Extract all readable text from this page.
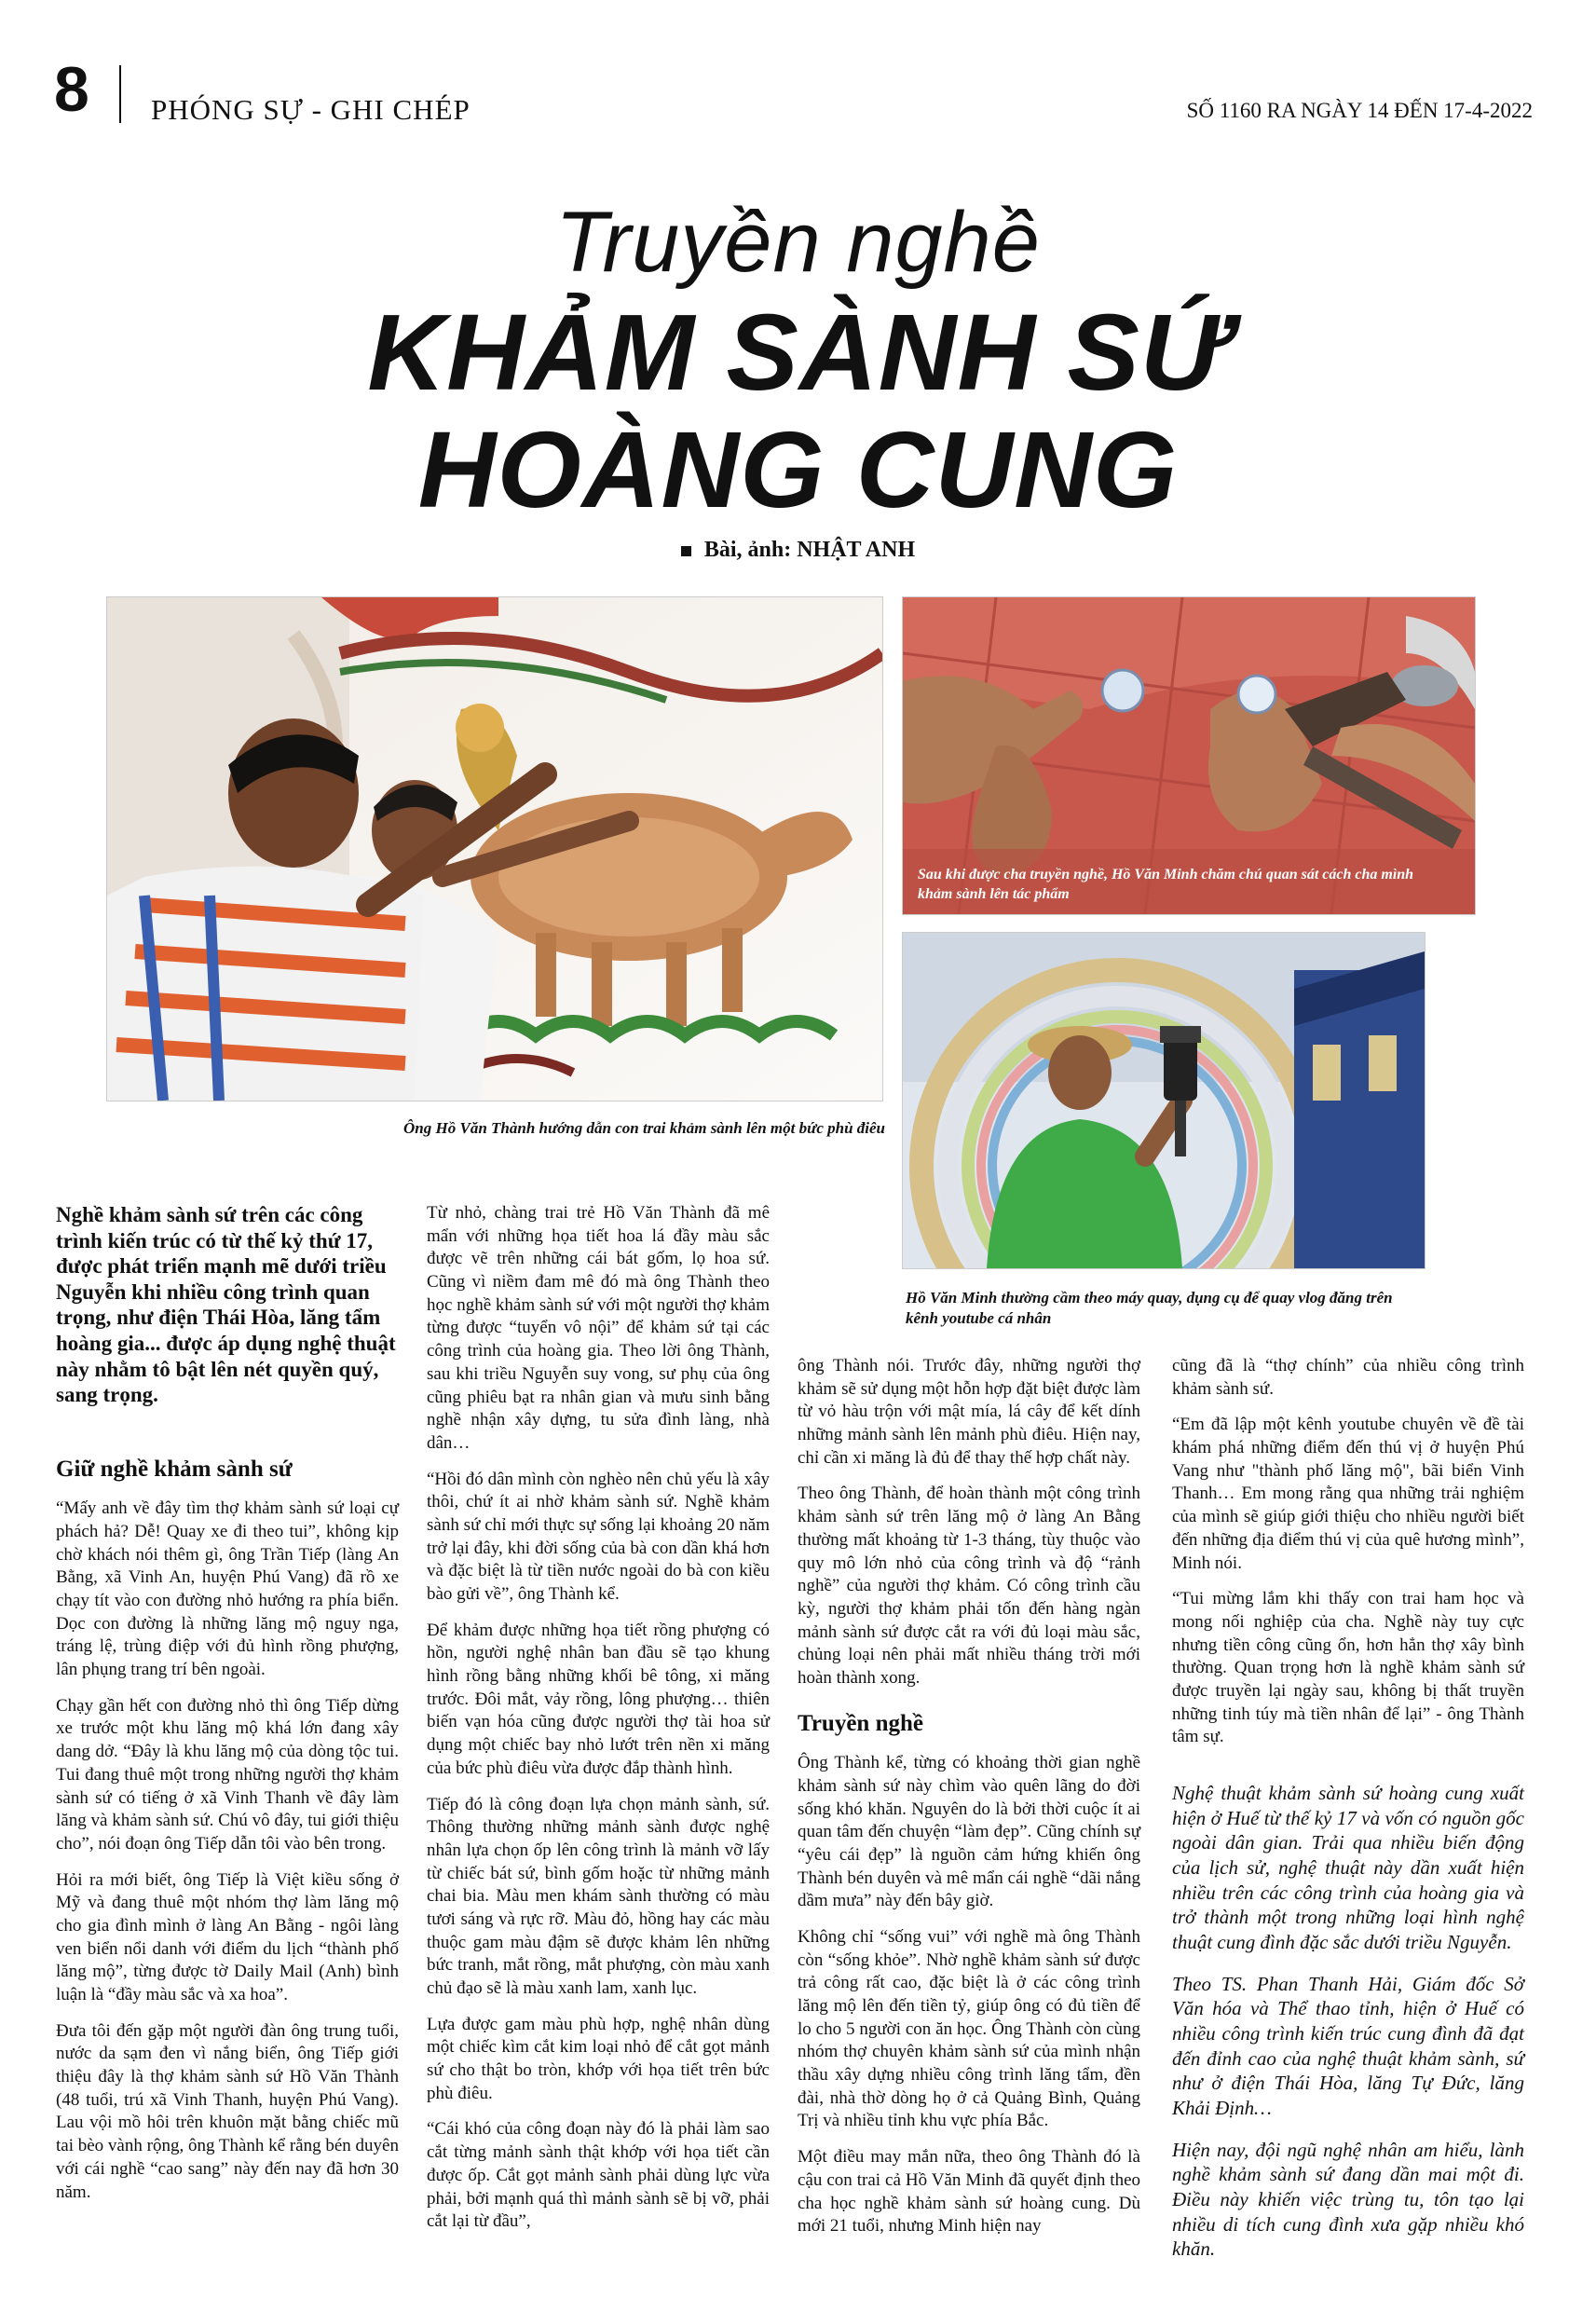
8 PHÓNG SỰ - GHI CHÉP	SỐ 1160 RA NGÀY 14 ĐẾN 17-4-2022
Truyền nghề
KHẢM SÀNH SỨ
HOÀNG CUNG
Bài, ảnh: NHẬT ANH
Ông Hồ Văn Thành hướng dẫn con trai khảm sành lên một bức phù điêu
Sau khi được cha truyền nghề, Hồ Văn Minh chăm chú quan sát cách cha mình khảm sành lên tác phẩm
Hồ Văn Minh thường cầm theo máy quay, dụng cụ để quay vlog đăng trên kênh youtube cá nhân

Nghề khảm sành sứ trên các công trình kiến trúc có từ thế kỷ thứ 17, được phát triển mạnh mẽ dưới triều Nguyễn khi nhiều công trình quan trọng, như điện Thái Hòa, lăng tẩm hoàng gia... được áp dụng nghệ thuật này nhằm tô bật lên nét quyền quý, sang trọng.

Giữ nghề khảm sành sứ

“Mấy anh về đây tìm thợ khảm sành sứ loại cự phách hả? Dễ! Quay xe đi theo tui”, không kịp chờ khách nói thêm gì, ông Trần Tiếp (làng An Bằng, xã Vinh An, huyện Phú Vang) đã rồ xe chạy tít vào con đường nhỏ hướng ra phía biển. Dọc con đường là những lăng mộ nguy nga, tráng lệ, trùng điệp với đủ hình rồng phượng, lân phụng trang trí bên ngoài.

Chạy gần hết con đường nhỏ thì ông Tiếp dừng xe trước một khu lăng mộ khá lớn đang xây dang dở. “Đây là khu lăng mộ của dòng tộc tui. Tui đang thuê một trong những người thợ khảm sành sứ có tiếng ở xã Vinh Thanh về đây làm lăng và khảm sành sứ. Chú vô đây, tui giới thiệu cho”, nói đoạn ông Tiếp dẫn tôi vào bên trong.

Hỏi ra mới biết, ông Tiếp là Việt kiều sống ở Mỹ và đang thuê một nhóm thợ làm lăng mộ cho gia đình mình ở làng An Bằng - ngôi làng ven biển nổi danh với điểm du lịch “thành phố lăng mộ”, từng được tờ Daily Mail (Anh) bình luận là “đầy màu sắc và xa hoa”.

Đưa tôi đến gặp một người đàn ông trung tuổi, nước da sạm đen vì nắng biển, ông Tiếp giới thiệu đây là thợ khảm sành sứ Hồ Văn Thành (48 tuổi, trú xã Vinh Thanh, huyện Phú Vang). Lau vội mồ hôi trên khuôn mặt bằng chiếc mũ tai bèo vành rộng, ông Thành kể rằng bén duyên với cái nghề “cao sang” này đến nay đã hơn 30 năm.

Từ nhỏ, chàng trai trẻ Hồ Văn Thành đã mê mẩn với những họa tiết hoa lá đầy màu sắc được vẽ trên những cái bát gốm, lọ hoa sứ. Cũng vì niềm đam mê đó mà ông Thành theo học nghề khảm sành sứ với một người thợ khảm từng được “tuyển vô nội” để khảm sứ tại các công trình của hoàng gia. Theo lời ông Thành, sau khi triều Nguyễn suy vong, sư phụ của ông cũng phiêu bạt ra nhân gian và mưu sinh bằng nghề nhận xây dựng, tu sửa đình làng, nhà dân…

“Hồi đó dân mình còn nghèo nên chủ yếu là xây thôi, chứ ít ai nhờ khảm sành sứ. Nghề khảm sành sứ chỉ mới thực sự sống lại khoảng 20 năm trở lại đây, khi đời sống của bà con dần khá hơn và đặc biệt là từ tiền nước ngoài do bà con kiều bào gửi về”, ông Thành kể.

Để khảm được những họa tiết rồng phượng có hồn, người nghệ nhân ban đầu sẽ tạo khung hình rồng bằng những khối bê tông, xi măng trước. Đôi mắt, vảy rồng, lông phượng… thiên biến vạn hóa cũng được người thợ tài hoa sử dụng một chiếc bay nhỏ lướt trên nền xi măng của bức phù điêu vừa được đắp thành hình.

Tiếp đó là công đoạn lựa chọn mảnh sành, sứ. Thông thường những mảnh sành được nghệ nhân lựa chọn ốp lên công trình là mảnh vỡ lấy từ chiếc bát sứ, bình gốm hoặc từ những mảnh chai bia. Màu men khám sành thường có màu tươi sáng và rực rỡ. Màu đỏ, hồng hay các màu thuộc gam màu đậm sẽ được khảm lên những bức tranh, mắt rồng, mắt phượng, còn màu xanh chủ đạo sẽ là màu xanh lam, xanh lục.

Lựa được gam màu phù hợp, nghệ nhân dùng một chiếc kìm cắt kim loại nhỏ để cắt gọt mảnh sứ cho thật bo tròn, khớp với họa tiết trên bức phù điêu.

“Cái khó của công đoạn này đó là phải làm sao cắt từng mảnh sành thật khớp với họa tiết cần được ốp. Cắt gọt mảnh sành phải dùng lực vừa phải, bởi mạnh quá thì mảnh sành sẽ bị vỡ, phải cắt lại từ đầu”,

ông Thành nói. Trước đây, những người thợ khảm sẽ sử dụng một hỗn hợp đặt biệt được làm từ vỏ hàu trộn với mật mía, lá cây để kết dính những mảnh sành lên mảnh phù điêu. Hiện nay, chỉ cần xi măng là đủ để thay thế hợp chất này.

Theo ông Thành, để hoàn thành một công trình khảm sành sứ trên lăng mộ ở làng An Bằng thường mất khoảng từ 1-3 tháng, tùy thuộc vào quy mô lớn nhỏ của công trình và độ “rảnh nghề” của người thợ khảm. Có công trình cầu kỳ, người thợ khảm phải tốn đến hàng ngàn mảnh sành sứ được cắt ra với đủ loại màu sắc, chủng loại nên phải mất nhiều tháng trời mới hoàn thành xong.

Truyền nghề

Ông Thành kể, từng có khoảng thời gian nghề khảm sành sứ này chìm vào quên lãng do đời sống khó khăn. Nguyên do là bởi thời cuộc ít ai quan tâm đến chuyện “làm đẹp”. Cũng chính sự “yêu cái đẹp” là nguồn cảm hứng khiến ông Thành bén duyên và mê mẩn cái nghề “dãi nắng dầm mưa” này đến bây giờ.

Không chỉ “sống vui” với nghề mà ông Thành còn “sống khỏe”. Nhờ nghề khảm sành sứ được trả công rất cao, đặc biệt là ở các công trình lăng mộ lên đến tiền tỷ, giúp ông có đủ tiền để lo cho 5 người con ăn học. Ông Thành còn cùng nhóm thợ chuyên khảm sành sứ của mình nhận thầu xây dựng nhiều công trình lăng tẩm, đền đài, nhà thờ dòng họ ở cả Quảng Bình, Quảng Trị và nhiều tỉnh khu vực phía Bắc.

Một điều may mắn nữa, theo ông Thành đó là cậu con trai cả Hồ Văn Minh đã quyết định theo cha học nghề khảm sành sứ hoàng cung. Dù mới 21 tuổi, nhưng Minh hiện nay

cũng đã là “thợ chính” của nhiều công trình khảm sành sứ.

“Em đã lập một kênh youtube chuyên về đề tài khám phá những điểm đến thú vị ở huyện Phú Vang như "thành phố lăng mộ", bãi biển Vinh Thanh… Em mong rằng qua những trải nghiệm của mình sẽ giúp giới thiệu cho nhiều người biết đến những địa điểm thú vị của quê hương mình”, Minh nói.

“Tui mừng lắm khi thấy con trai ham học và mong nối nghiệp của cha. Nghề này tuy cực nhưng tiền công cũng ổn, hơn hẳn thợ xây bình thường. Quan trọng hơn là nghề khảm sành sứ được truyền lại ngày sau, không bị thất truyền những tinh túy mà tiền nhân để lại” - ông Thành tâm sự.

Nghệ thuật khảm sành sứ hoàng cung xuất hiện ở Huế từ thế kỷ 17 và vốn có nguồn gốc ngoài dân gian. Trải qua nhiều biến động của lịch sử, nghệ thuật này dần xuất hiện nhiều trên các công trình của hoàng gia và trở thành một trong những loại hình nghệ thuật cung đình đặc sắc dưới triều Nguyễn.

Theo TS. Phan Thanh Hải, Giám đốc Sở Văn hóa và Thể thao tỉnh, hiện ở Huế có nhiều công trình kiến trúc cung đình đã đạt đến đỉnh cao của nghệ thuật khảm sành, sứ như ở điện Thái Hòa, lăng Tự Đức, lăng Khải Định…

Hiện nay, đội ngũ nghệ nhân am hiểu, lành nghề khảm sành sứ đang dần mai một đi. Điều này khiến việc trùng tu, tôn tạo lại nhiều di tích cung đình xưa gặp nhiều khó khăn.
